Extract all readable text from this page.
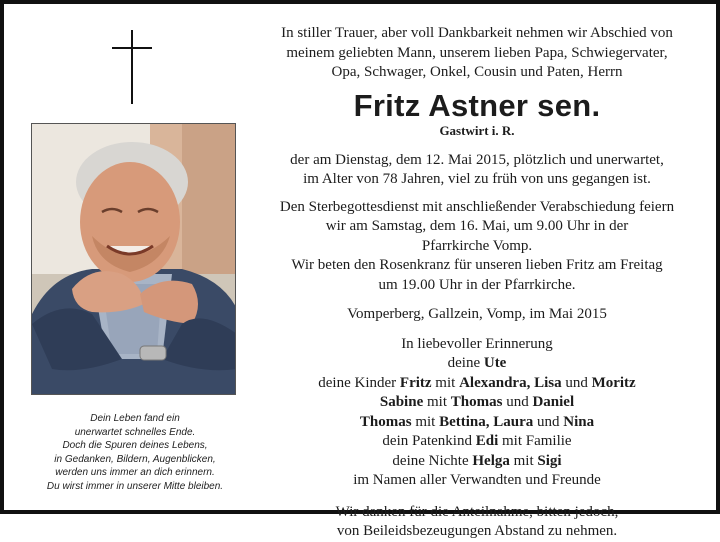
Dein Leben fand ein
unerwartet schnelles Ende.
Doch die Spuren deines Lebens,
in Gedanken, Bildern, Augenblicken,
werden uns immer an dich erinnern.
Du wirst immer in unserer Mitte bleiben.
In stiller Trauer, aber voll Dankbarkeit nehmen wir Abschied von
meinem geliebten Mann, unserem lieben Papa, Schwiegervater,
Opa, Schwager, Onkel, Cousin und Paten, Herrn
Fritz Astner sen.
Gastwirt i. R.
der am Dienstag, dem 12. Mai 2015, plötzlich und unerwartet,
im Alter von 78 Jahren, viel zu früh von uns gegangen ist.
Den Sterbegottesdienst mit anschließender Verabschiedung feiern
wir am Samstag, dem 16. Mai, um 9.00 Uhr in der
Pfarrkirche Vomp.
Wir beten den Rosenkranz für unseren lieben Fritz am Freitag
um 19.00 Uhr in der Pfarrkirche.
Vomperberg, Gallzein, Vomp, im Mai 2015
In liebevoller Erinnerung
deine Ute
deine Kinder Fritz mit Alexandra, Lisa und Moritz
Sabine mit Thomas und Daniel
Thomas mit Bettina, Laura und Nina
dein Patenkind Edi mit Familie
deine Nichte Helga mit Sigi
im Namen aller Verwandten und Freunde
Wir danken für die Anteilnahme, bitten jedoch,
von Beileidsbezeugungen Abstand zu nehmen.
